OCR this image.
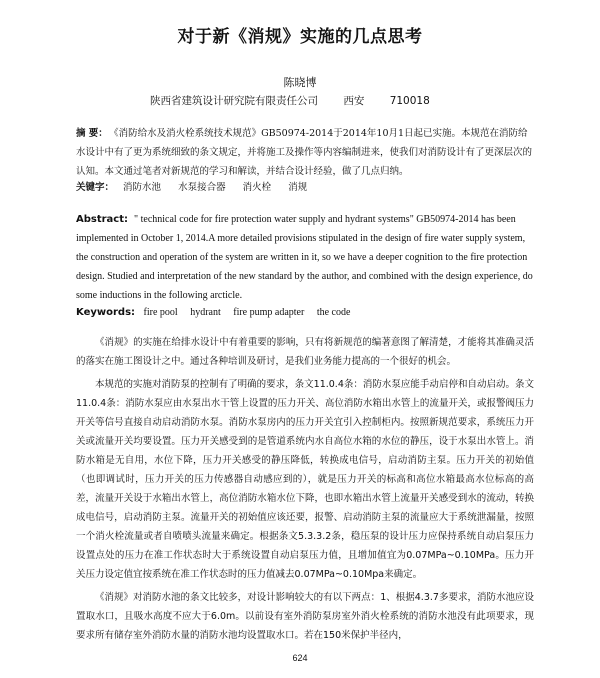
对于新《消规》实施的几点思考
陈晓博
陕西省建筑设计研究院有限责任公司 西安 710018
摘 要： 《消防给水及消火栓系统技术规范》GB50974-2014于2014年10月1日起已实施。本规范在消防给水设计中有了更为系统细致的条文规定，并将施工及操作等内容编制进来，使我们对消防设计有了更深层次的认知。本文通过笔者对新规范的学习和解读，并结合设计经验，做了几点归纳。
关键字： 消防水池 水泵接合器 消火栓 消规
Abstract: " technical code for fire protection water supply and hydrant systems" GB50974-2014 has been implemented in October 1, 2014.A more detailed provisions stipulated in the design of fire water supply system, the construction and operation of the system are written in it, so we have a deeper cognition to the fire protection design. Studied and interpretation of the new standard by the author, and combined with the design experience, do some inductions in the following arcticle.
Keywords: fire pool hydrant fire pump adapter the code

《消规》的实施在给排水设计中有着重要的影响，只有将新规范的编著意图了解清楚，才能将其准确灵活的落实在施工图设计之中。通过各种培训及研讨，是我们业务能力提高的一个很好的机会。

本规范的实施对消防泵的控制有了明确的要求，条文11.0.4条：消防水泵应能手动启停和自动启动。条文11.0.4条：消防水泵应由水泵出水干管上设置的压力开关、高位消防水箱出水管上的流量开关，或报警阀压力开关等信号直接自动启动消防水泵。消防水泵房内的压力开关宜引入控制柜内。按照新规范要求，系统压力开关或流量开关均要设置。压力开关感受到的是管道系统内水自高位水箱的水位的静压，设于水泵出水管上。消防水箱是无自用，水位下降，压力开关感受的静压降低，转换成电信号，启动消防主泵。压力开关的初始值（也即调试时，压力开关的压力传感器自动感应到的），就是压力开关的标高和高位水箱最高水位标高的高差，流量开关设于水箱出水管上，高位消防水箱水位下降，也即水箱出水管上流量开关感受到水的流动，转换成电信号，启动消防主泵。流量开关的初始值应该还要，报警、启动消防主泵的流量应大于系统泄漏量，按照一个消火栓流量或者自喷喷头流量来确定。根据条文5.3.3.2条，稳压泵的设计压力应保持系统自动启泵压力设置点处的压力在准工作状态时大于系统设置自动启泵压力值，且增加值宜为0.07MPa~0.10MPa。压力开关压力设定值宜按系统在准工作状态时的压力值减去0.07MPa~0.10Mpa来确定。

《消规》对消防水池的条文比较多，对设计影响较大的有以下两点：1、根据4.3.7多要求，消防水池应设置取水口，且吸水高度不应大于6.0m。以前设有室外消防泵房室外消火栓系统的消防水池没有此项要求，现要求所有储存室外消防水量的消防水池均设置取水口。若在150米保护半径内，

624
